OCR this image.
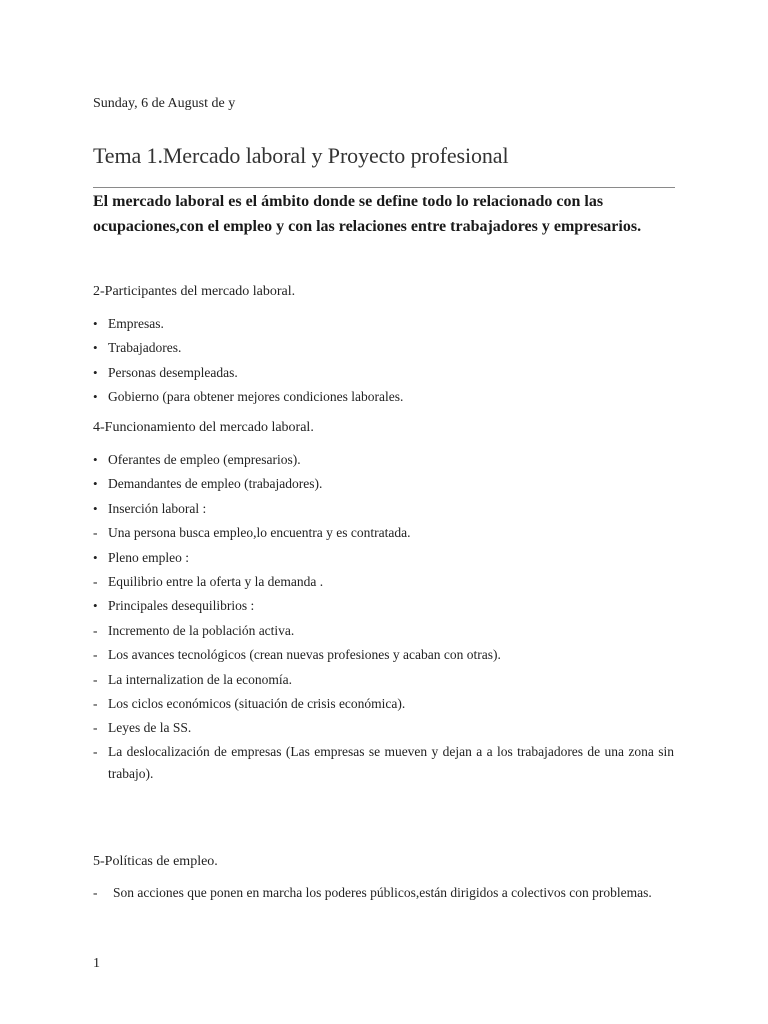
Sunday, 6 de August de y
Tema 1.Mercado laboral y Proyecto profesional

El mercado laboral es el ámbito donde se define todo lo relacionado con las ocupaciones,con el empleo y con las relaciones entre trabajadores y empresarios.

2-Participantes del mercado laboral.

• Empresas.
• Trabajadores.
• Personas desempleadas.
• Gobierno (para obtener mejores condiciones laborales.

4-Funcionamiento del mercado laboral.

• Oferantes de empleo (empresarios).
• Demandantes de empleo (trabajadores).
• Inserción laboral :
- Una persona busca empleo,lo encuentra y es contratada.
• Pleno empleo :
- Equilibrio entre la oferta y la demanda .
• Principales desequilibrios :
- Incremento de la población activa.
- Los avances tecnológicos (crean nuevas profesiones y acaban con otras).
- La internalization de la economía.
- Los ciclos económicos (situación de crisis económica).
- Leyes de la SS.
- La deslocalización de empresas (Las empresas se mueven y dejan a a los trabajadores de una zona sin trabajo).

5-Políticas de empleo.

- Son acciones que ponen en marcha los poderes públicos,están dirigidos a colectivos con problemas.

1
